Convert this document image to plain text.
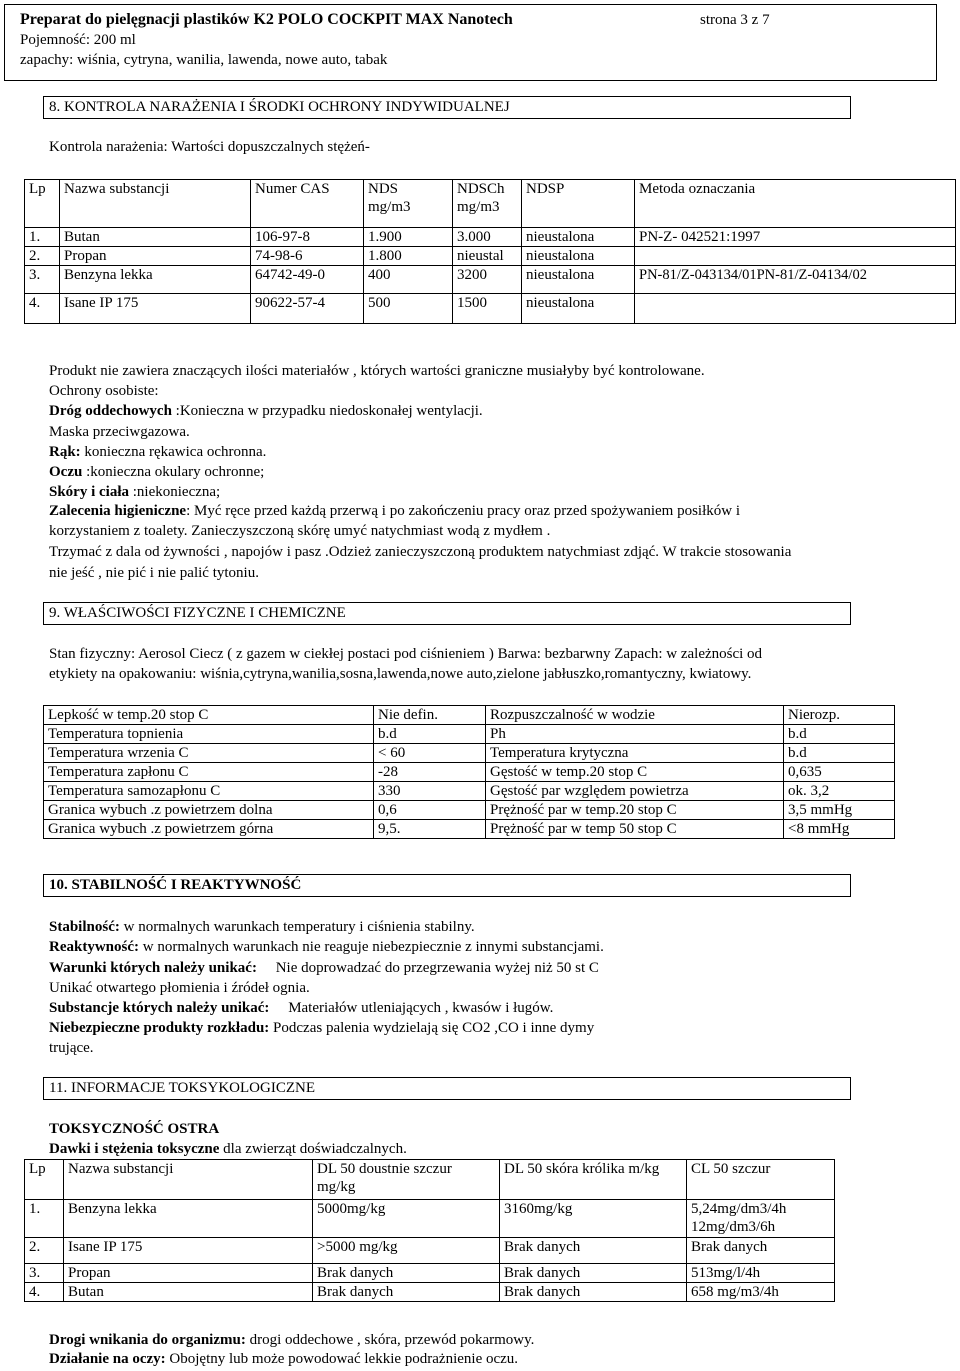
Preparat do pielęgnacji plastików K2 POLO COCKPIT MAX Nanotech	strona 3 z 7
Pojemność: 200 ml
zapachy: wiśnia, cytryna, wanilia, lawenda, nowe auto, tabak
8. KONTROLA NARAŻENIA I ŚRODKI OCHRONY INDYWIDUALNEJ
Kontrola narażenia: Wartości dopuszczalnych stężeń-
Lp	Nazwa substancji	Numer CAS	NDS mg/m3	NDSCh mg/m3	NDSP	Metoda oznaczania
1.	Butan	106-97-8	1.900	3.000	nieustalona	PN-Z- 042521:1997
2.	Propan	74-98-6	1.800	nieustal	nieustalona	
3.	Benzyna lekka	64742-49-0	400	3200	nieustalona	PN-81/Z-043134/01PN-81/Z-04134/02
4.	Isane IP 175	90622-57-4	500	1500	nieustalona	
Produkt nie zawiera znaczących ilości materiałów , których wartości graniczne musiałyby być kontrolowane.
Ochrony osobiste:
Dróg oddechowych :Konieczna w przypadku niedoskonałej wentylacji.
Maska przeciwgazowa.
Rąk: konieczna rękawica ochronna.
Oczu :konieczna okulary ochronne;
Skóry i ciała :niekonieczna;
Zalecenia higieniczne: Myć ręce przed każdą przerwą i po zakończeniu pracy oraz przed spożywaniem posiłków i
korzystaniem z toalety. Zanieczyszczoną skórę umyć natychmiast wodą z mydłem .
Trzymać z dala od żywności , napojów i pasz .Odzież zanieczyszczoną produktem natychmiast zdjąć. W trakcie stosowania
nie jeść , nie pić i nie palić tytoniu.
9. WŁAŚCIWOŚCI FIZYCZNE I CHEMICZNE
Stan fizyczny: Aerosol Ciecz ( z gazem w ciekłej postaci pod ciśnieniem ) Barwa: bezbarwny Zapach: w zależności od
etykiety na opakowaniu: wiśnia,cytryna,wanilia,sosna,lawenda,nowe auto,zielone jabłuszko,romantyczny, kwiatowy.
Lepkość w temp.20 stop C	Nie defin.	Rozpuszczalność w wodzie	Nierozp.
Temperatura topnienia	b.d	Ph	b.d
Temperatura wrzenia C	< 60	Temperatura krytyczna	b.d
Temperatura zapłonu C	-28	Gęstość w temp.20 stop C	0,635
Temperatura samozapłonu C	330	Gęstość par względem powietrza	ok. 3,2
Granica wybuch .z powietrzem dolna	0,6	Prężność par w temp.20 stop C	3,5 mmHg
Granica wybuch .z powietrzem górna	9,5.	Prężność par w temp 50 stop C	<8 mmHg
10. STABILNOŚĆ I REAKTYWNOŚĆ
Stabilność: w normalnych warunkach temperatury i ciśnienia stabilny.
Reaktywność: w normalnych warunkach nie reaguje niebezpiecznie z innymi substancjami.
Warunki których należy unikać:     Nie doprowadzać do przegrzewania wyżej niż 50 st C
Unikać otwartego płomienia i źródeł ognia.
Substancje których należy unikać:     Materiałów utleniających , kwasów i ługów.
Niebezpieczne produkty rozkładu: Podczas palenia wydzielają się CO2 ,CO i inne dymy
trujące.
11. INFORMACJE TOKSYKOLOGICZNE
TOKSYCZNOŚĆ OSTRA
Dawki i stężenia toksyczne dla zwierząt doświadczalnych.
Lp	Nazwa substancji	DL 50 doustnie szczur mg/kg	DL 50 skóra królika m/kg	CL 50 szczur
1.	Benzyna lekka	5000mg/kg	3160mg/kg	5,24mg/dm3/4h 12mg/dm3/6h
2.	Isane IP 175	>5000 mg/kg	Brak danych	Brak danych
3.	Propan	Brak danych	Brak danych	513mg/l/4h
4.	Butan	Brak danych	Brak danych	658 mg/m3/4h
Drogi wnikania do organizmu: drogi oddechowe , skóra, przewód pokarmowy.
Działanie na oczy: Obojętny lub może powodować lekkie podrażnienie oczu.
